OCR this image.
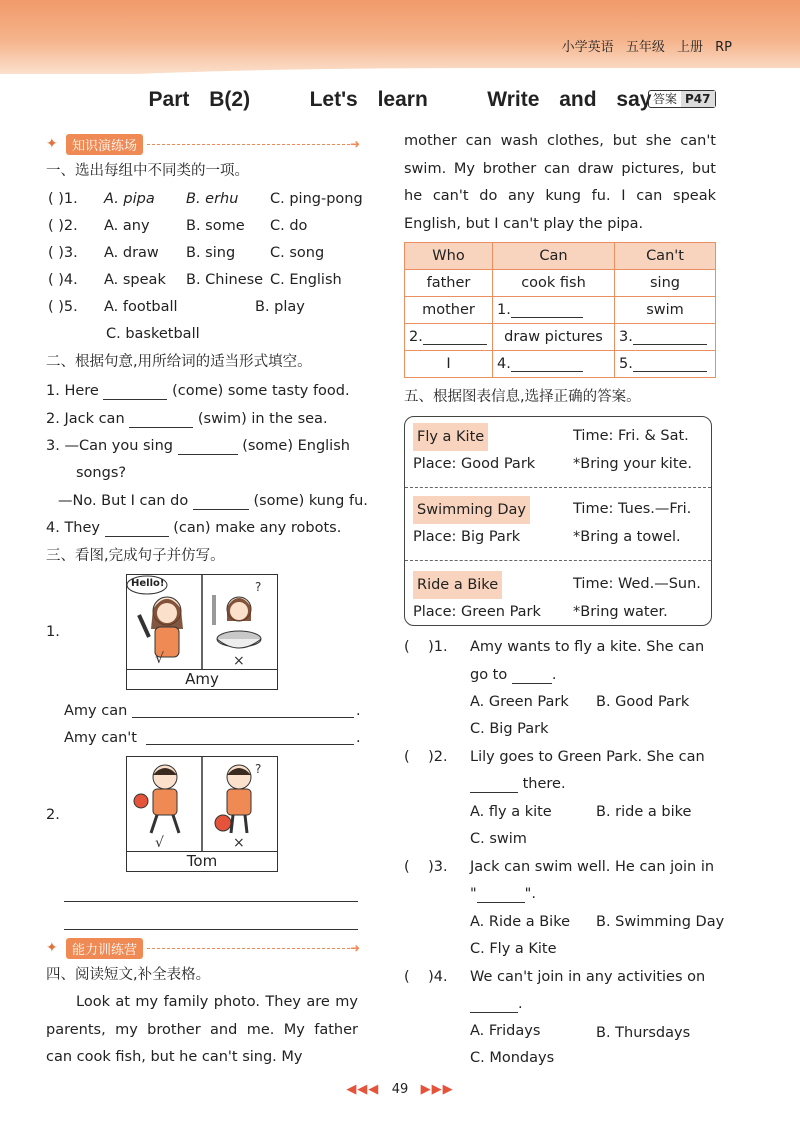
小学英语 五年级 上册 RP
Part B(2)   Let's learn   Write and say 答案 P47
✦	知识演练场	➜
一、选出每组中不同类的一项。
( )1. A. pipa B. erhu C. ping-pong
( )2. A. any	B. some C. do
( )3. A. draw B. sing C. song
( )4. A. speak B. Chinese C. English
( )5. A. football	B. play
C. basketball
二、根据句意,用所给词的适当形式填空。
1. Here	(come) some tasty food.
2. Jack can	(swim) in the sea.
3. —Can you sing	(some) English
songs?
—No. But I can do	(some) kung fu.
4. They	(can) make any robots.
三、看图,完成句子并仿写。
1.
√
?
×
Amy
Hello!
Amy can	.
Amy can't	.
2.
√
?
×
Tom
✦	能力训练营	➜
四、阅读短文,补全表格。
Look at my family photo. They are my parents, my brother and me. My father can cook fish, but he can't sing. My
mother can wash clothes, but she can't swim. My brother can draw pictures, but he can't do any kung fu. I can speak English, but I can't play the pipa.
Who	Can	Can't
father	cook fish	sing
mother	1.	swim
2.	draw pictures	3.
I	4.	5.
五、根据图表信息,选择正确的答案。
Fly a Kite	Time: Fri. & Sat.
Place: Good Park	*Bring your kite.
Swimming Day	Time: Tues.—Fri.
Place: Big Park	*Bring a towel.
Ride a Bike	Time: Wed.—Sun.
Place: Green Park *Bring water.
(    )1. Amy wants to fly a kite. She can
go to	.
A. Green Park B. Good Park
C. Big Park
(    )2. Lily goes to Green Park. She can
there.
A. fly a kite	B. ride a bike
C. swim
(    )3. Jack can swim well. He can join in
"	".
A. Ride a Bike B. Swimming Day
C. Fly a Kite
(    )4. We can't join in any activities on
.
A. Fridays	B. Thursdays
C. Mondays
◀◀◀ 49 ▶▶▶
